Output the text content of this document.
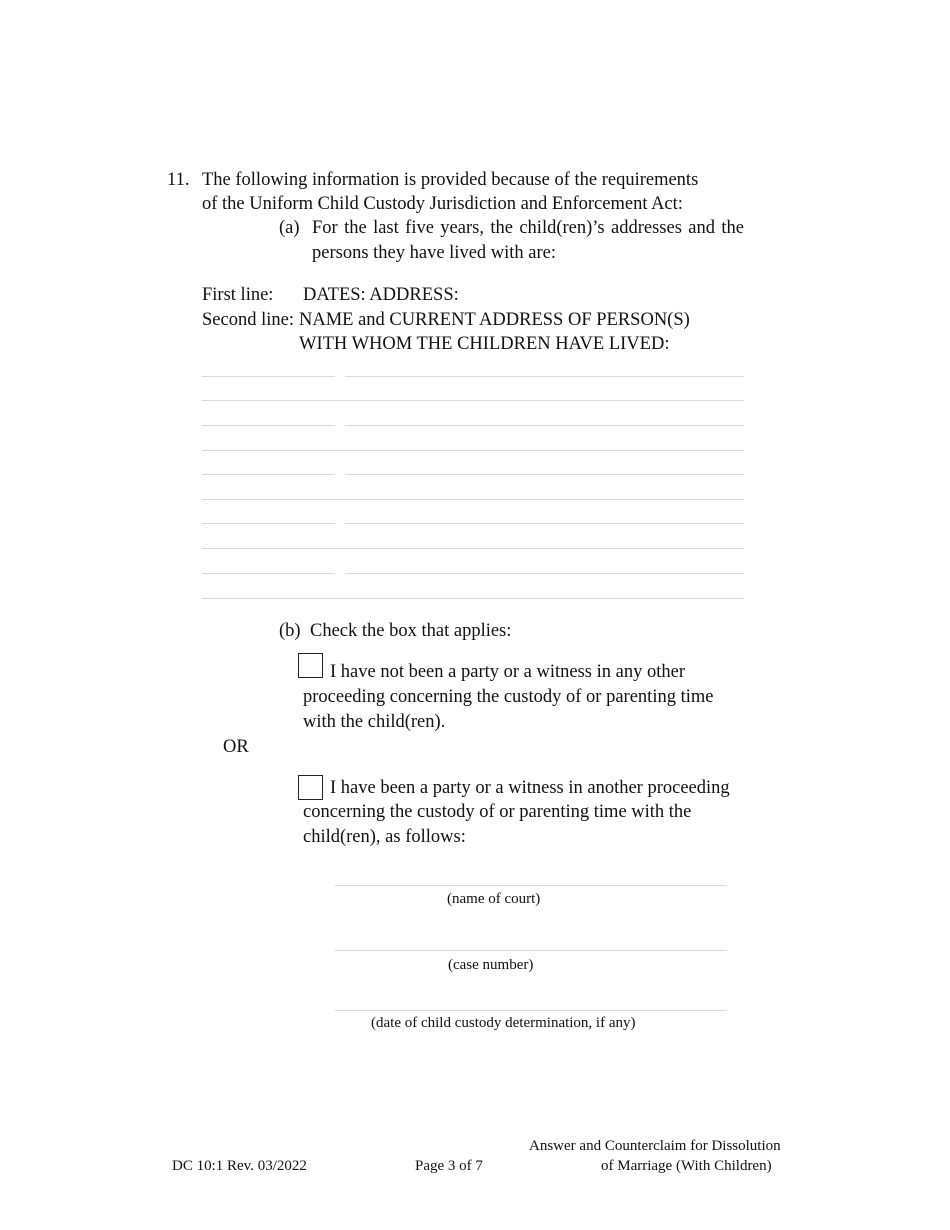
11. The following information is provided because of the requirements
of the Uniform Child Custody Jurisdiction and Enforcement Act:
(a) For the last five years, the child(ren)’s addresses and the
persons they have lived with are:
First line: DATES: ADDRESS:
Second line: NAME and CURRENT ADDRESS OF PERSON(S)
WITH WHOM THE CHILDREN HAVE LIVED:
(b) Check the box that applies:
I have not been a party or a witness in any other
proceeding concerning the custody of or parenting time
with the child(ren).
OR
I have been a party or a witness in another proceeding
concerning the custody of or parenting time with the
child(ren), as follows:
(name of court)
(case number)
(date of child custody determination, if any)
DC 10:1 Rev. 03/2022	Page 3 of 7
Answer and Counterclaim for Dissolution
of Marriage (With Children)
